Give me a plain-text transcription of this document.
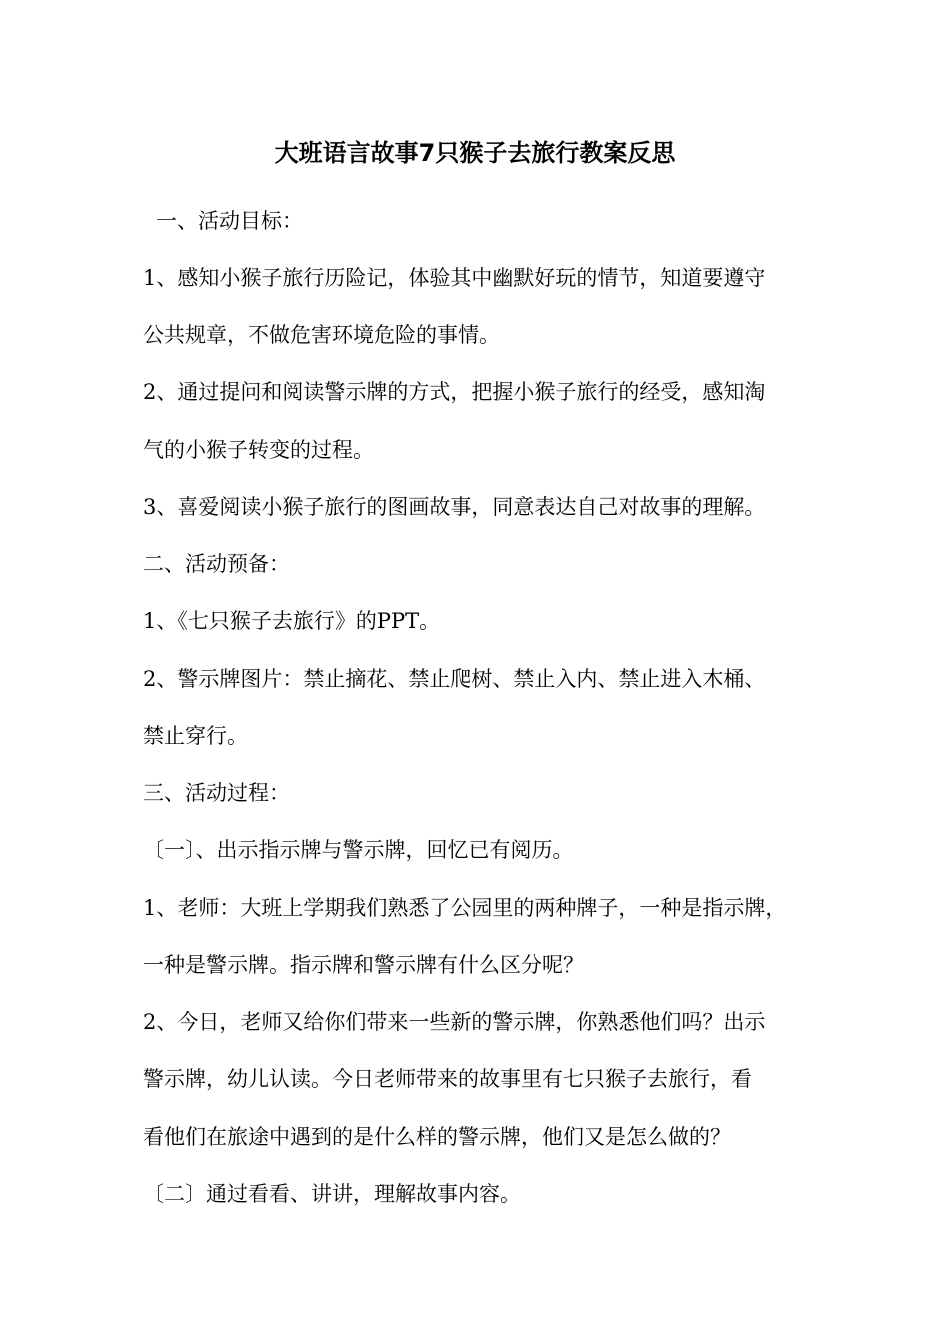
大班语言故事7只猴子去旅行教案反思

一、活动目标：

1、感知小猴子旅行历险记，体验其中幽默好玩的情节，知道要遵守

公共规章，不做危害环境危险的事情。

2、通过提问和阅读警示牌的方式，把握小猴子旅行的经受，感知淘

气的小猴子转变的过程。

3、喜爱阅读小猴子旅行的图画故事，同意表达自己对故事的理解。

二、活动预备：

1、《七只猴子去旅行》的PPT。

2、警示牌图片：禁止摘花、禁止爬树、禁止入内、禁止进入木桶、

禁止穿行。

三、活动过程：

〔一〕、出示指示牌与警示牌，回忆已有阅历。

1、老师：大班上学期我们熟悉了公园里的两种牌子，一种是指示牌，

一种是警示牌。指示牌和警示牌有什么区分呢？

2、今日，老师又给你们带来一些新的警示牌，你熟悉他们吗？出示

警示牌，幼儿认读。今日老师带来的故事里有七只猴子去旅行，看

看他们在旅途中遇到的是什么样的警示牌，他们又是怎么做的？

〔二〕通过看看、讲讲，理解故事内容。
